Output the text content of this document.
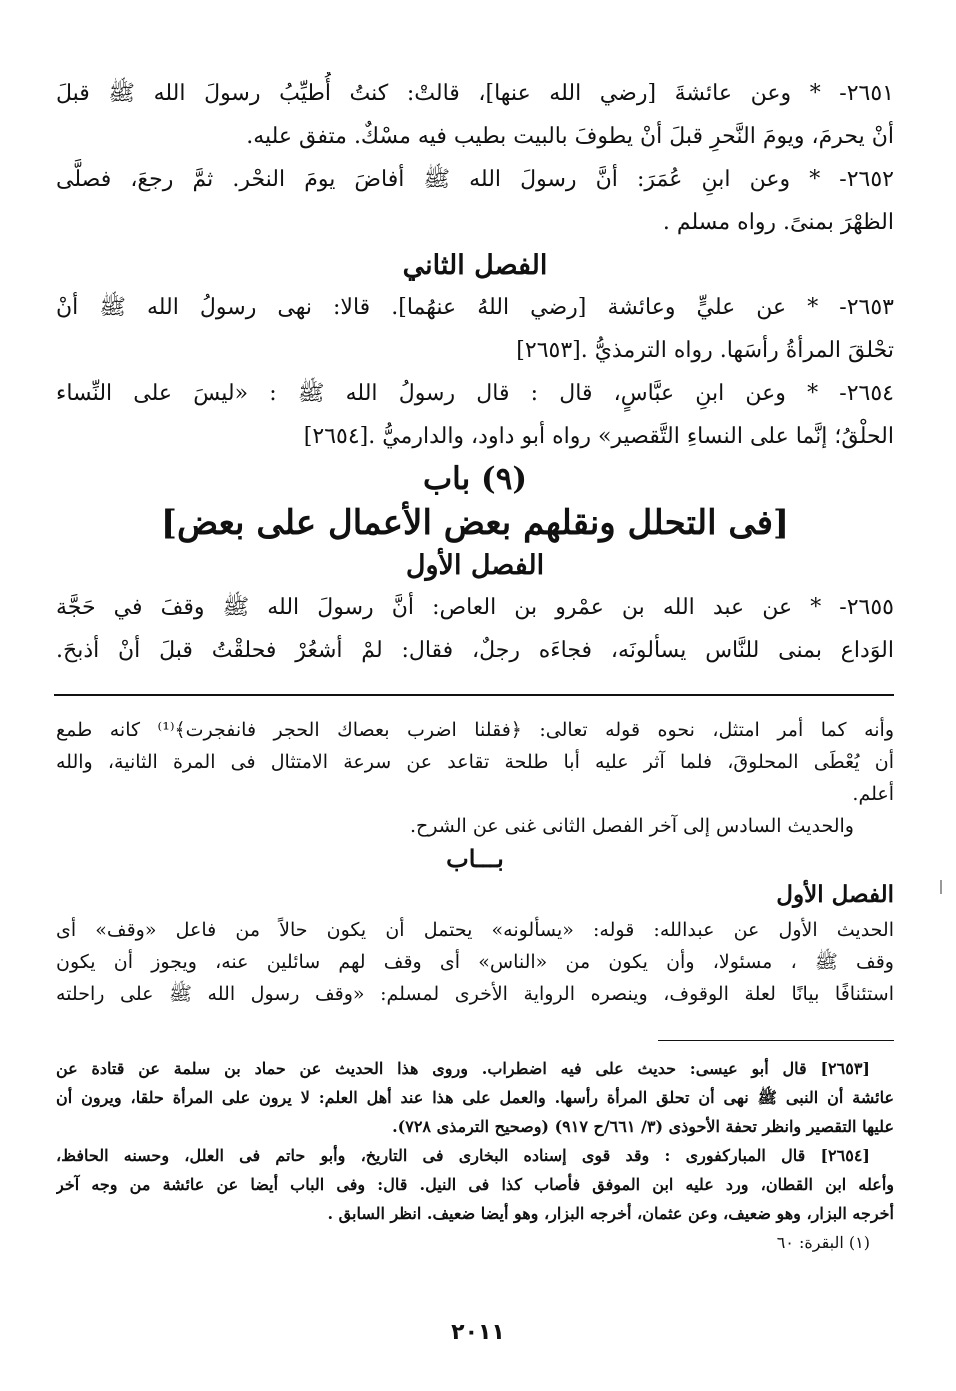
٢٦٥١- * وعن عائشةَ [رضي الله عنها]، قالتْ: كنتُ أُطيِّبُ رسولَ الله ﷺ قبلَ
أنْ يحرمَ، ويومَ النَّحرِ قبلَ أنْ يطوفَ بالبيت بطيب فيه مسْكٌ. متفق عليه.
٢٦٥٢- * وعن ابنِ عُمَرَ: أنَّ رسولَ الله ﷺ أفاضَ يومَ النحْر. ثمَّ رجعَ، فصلَّى
الظهْرَ بمنىً. رواه مسلم .
الفصل الثاني
٢٦٥٣- * عن عليٍّ وعائشة [رضي اللهُ عنهُما]. قالا: نهى رسولُ الله ﷺ أنْ
تحْلقَ المرأةُ رأسَها. رواه الترمذيُّ .[٢٦٥٣]
٢٦٥٤- * وعن ابنِ عبَّاسٍ، قال : قال رسولُ الله ﷺ : «ليسَ على النِّساء
الحلْقُ؛ إنَّما على النساءِ التَّقصير» رواه أبو داود، والدارميُّ .[٢٦٥٤]
(٩) باب
[فى التحلل ونقلهم بعض الأعمال على بعض]
الفصل الأول
٢٦٥٥- * عن عبد الله بن عمْرو بن العاص: أنَّ رسولَ الله ﷺ وقفَ في حَجَّة
الوَداع بمنى للنَّاس يسألونَه، فجاءَه رجلٌ، فقال: لمْ أشعُرْ فحلقْتُ قبلَ أنْ أذبحَ.
وأنه كما أمر امتثل، نحوه قوله تعالى: ﴿فقلنا اضرب بعصاك الحجر فانفجرت﴾⁽¹⁾ كانه طمع
أن يُعْطَى المحلوقَ، فلما آثر عليه أبا طلحة تقاعد عن سرعة الامتثال فى المرة الثانية، والله
أعلم.
والحديث السادس إلى آخر الفصل الثانى غنى عن الشرح.
بـــاب
الفصل الأول
الحديث الأول عن عبدالله: قوله: «يسألونه» يحتمل أن يكون حالاً من فاعل «وقف» أى
وقف ﷺ ، مسئولا، وأن يكون من «الناس» أى وقف لهم سائلين عنه، ويجوز أن يكون
استئنافًا بيانًا لعلة الوقوف، وينصره الرواية الأخرى لمسلم: «وقف رسول الله ﷺ على راحلته
[٢٦٥٣] قال أبو عيسى: حديث على فيه اضطراب. وروى هذا الحديث عن حماد بن سلمة عن قتادة عن
عائشة أن النبى ﷺ نهى أن تحلق المرأة رأسها. والعمل على هذا عند أهل العلم: لا يرون على المرأة حلقا، ويرون أن
عليها التقصير وانظر تحفة الأحوذى (٣/ ٦٦١/ح ٩١٧) (وصحيح الترمذى ٧٢٨).
[٢٦٥٤] قال المباركفورى : وقد قوى إسناده البخارى فى التاريخ، وأبو حاتم فى العلل، وحسنه الحافظ،
وأعله ابن القطان، ورد عليه ابن الموفق فأصاب كذا فى النيل. قال: وفى الباب أيضا عن عائشة من وجه آخر
أخرجه البزار، وهو ضعيف، وعن عثمان، أخرجه البزار، وهو أيضا ضعيف. انظر السابق .
(١) البقرة: ٦٠
٢٠١١
